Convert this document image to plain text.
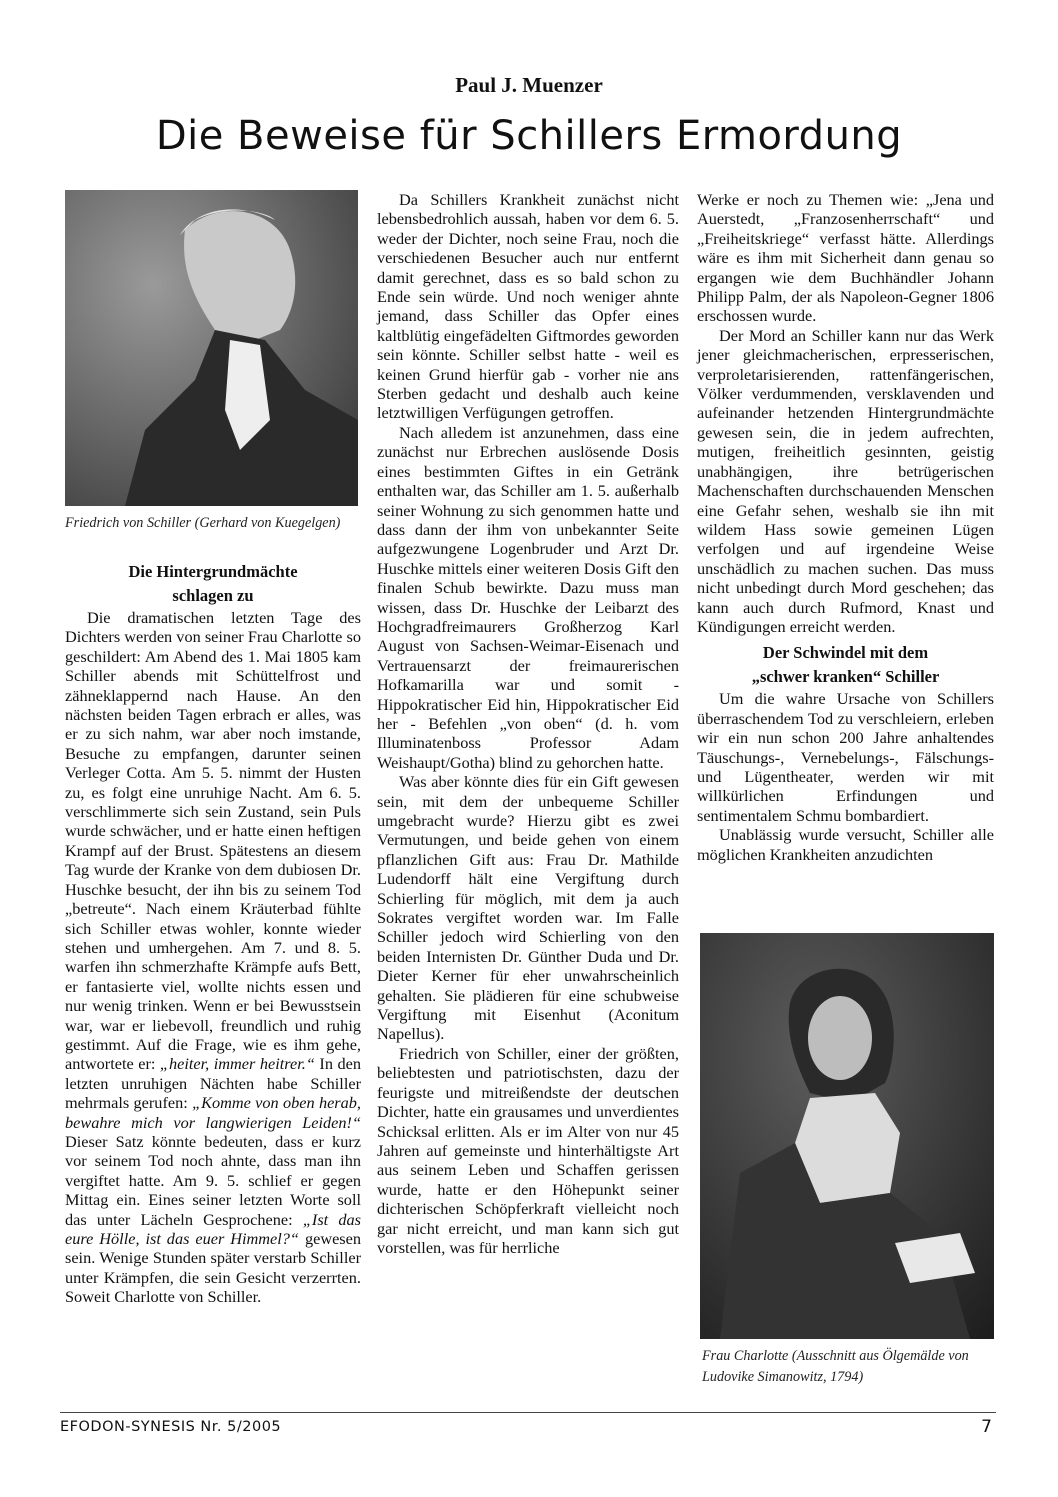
Paul J. Muenzer
Die Beweise für Schillers Ermordung
Friedrich von Schiller (Gerhard von Kuegelgen)
Die Hintergrundmächte
schlagen zu

Die dramatischen letzten Tage des Dichters werden von seiner Frau Charlotte so geschildert: Am Abend des 1. Mai 1805 kam Schiller abends mit Schüttelfrost und zähneklappernd nach Hause. An den nächsten beiden Tagen erbrach er alles, was er zu sich nahm, war aber noch imstande, Besuche zu empfangen, darunter seinen Verleger Cotta. Am 5. 5. nimmt der Husten zu, es folgt eine unruhige Nacht. Am 6. 5. verschlimmerte sich sein Zustand, sein Puls wurde schwächer, und er hatte einen heftigen Krampf auf der Brust. Spätestens an diesem Tag wurde der Kranke von dem dubiosen Dr. Huschke besucht, der ihn bis zu seinem Tod „betreute“. Nach einem Kräuterbad fühlte sich Schiller etwas wohler, konnte wieder stehen und umhergehen. Am 7. und 8. 5. warfen ihn schmerzhafte Krämpfe aufs Bett, er fantasierte viel, wollte nichts essen und nur wenig trinken. Wenn er bei Bewusstsein war, war er liebevoll, freundlich und ruhig gestimmt. Auf die Frage, wie es ihm gehe, antwortete er: „heiter, immer heitrer.“ In den letzten unruhigen Nächten habe Schiller mehrmals gerufen: „Komme von oben herab, bewahre mich vor langwierigen Leiden!“ Dieser Satz könnte bedeuten, dass er kurz vor seinem Tod noch ahnte, dass man ihn vergiftet hatte. Am 9. 5. schlief er gegen Mittag ein. Eines seiner letzten Worte soll das unter Lächeln Gesprochene: „Ist das eure Hölle, ist das euer Himmel?“ gewesen sein. Wenige Stunden später verstarb Schiller unter Krämpfen, die sein Gesicht verzerrten. Soweit Charlotte von Schiller.

Da Schillers Krankheit zunächst nicht lebensbedrohlich aussah, haben vor dem 6. 5. weder der Dichter, noch seine Frau, noch die verschiedenen Besucher auch nur entfernt damit gerechnet, dass es so bald schon zu Ende sein würde. Und noch weniger ahnte jemand, dass Schiller das Opfer eines kaltblütig eingefädelten Giftmordes geworden sein könnte. Schiller selbst hatte - weil es keinen Grund hierfür gab - vorher nie ans Sterben gedacht und deshalb auch keine letztwilligen Verfügungen getroffen.

Nach alledem ist anzunehmen, dass eine zunächst nur Erbrechen auslösende Dosis eines bestimmten Giftes in ein Getränk enthalten war, das Schiller am 1. 5. außerhalb seiner Wohnung zu sich genommen hatte und dass dann der ihm von unbekannter Seite aufgezwungene Logenbruder und Arzt Dr. Huschke mittels einer weiteren Dosis Gift den finalen Schub bewirkte. Dazu muss man wissen, dass Dr. Huschke der Leibarzt des Hochgradfreimaurers Großherzog Karl August von Sachsen-Weimar-Eisenach und Vertrauensarzt der freimaurerischen Hofkamarilla war und somit - Hippokratischer Eid hin, Hippokratischer Eid her - Befehlen „von oben“ (d. h. vom Illuminatenboss Professor Adam Weishaupt/Gotha) blind zu gehorchen hatte.

Was aber könnte dies für ein Gift gewesen sein, mit dem der unbequeme Schiller umgebracht wurde? Hierzu gibt es zwei Vermutungen, und beide gehen von einem pflanzlichen Gift aus: Frau Dr. Mathilde Ludendorff hält eine Vergiftung durch Schierling für möglich, mit dem ja auch Sokrates vergiftet worden war. Im Falle Schiller jedoch wird Schierling von den beiden Internisten Dr. Günther Duda und Dr. Dieter Kerner für eher unwahrscheinlich gehalten. Sie plädieren für eine schubweise Vergiftung mit Eisenhut (Aconitum Napellus).

Friedrich von Schiller, einer der größten, beliebtesten und patriotischsten, dazu der feurigste und mitreißendste der deutschen Dichter, hatte ein grausames und unverdientes Schicksal erlitten. Als er im Alter von nur 45 Jahren auf gemeinste und hinterhältigste Art aus seinem Leben und Schaffen gerissen wurde, hatte er den Höhepunkt seiner dichterischen Schöpferkraft vielleicht noch gar nicht erreicht, und man kann sich gut vorstellen, was für herrliche

Werke er noch zu Themen wie: „Jena und Auerstedt, „Franzosenherrschaft“ und „Freiheitskriege“ verfasst hätte. Allerdings wäre es ihm mit Sicherheit dann genau so ergangen wie dem Buchhändler Johann Philipp Palm, der als Napoleon-Gegner 1806 erschossen wurde.

Der Mord an Schiller kann nur das Werk jener gleichmacherischen, erpresserischen, verproletarisierenden, rattenfängerischen, Völker verdummenden, versklavenden und aufeinander hetzenden Hintergrundmächte gewesen sein, die in jedem aufrechten, mutigen, freiheitlich gesinnten, geistig unabhängigen, ihre betrügerischen Machenschaften durchschauenden Menschen eine Gefahr sehen, weshalb sie ihn mit wildem Hass sowie gemeinen Lügen verfolgen und auf irgendeine Weise unschädlich zu machen suchen. Das muss nicht unbedingt durch Mord geschehen; das kann auch durch Rufmord, Knast und Kündigungen erreicht werden.

Der Schwindel mit dem
„schwer kranken“ Schiller

Um die wahre Ursache von Schillers überraschendem Tod zu verschleiern, erleben wir ein nun schon 200 Jahre anhaltendes Täuschungs-, Vernebelungs-, Fälschungs- und Lügentheater, werden wir mit willkürlichen Erfindungen und sentimentalem Schmu bombardiert.

Unablässig wurde versucht, Schiller alle möglichen Krankheiten anzudichten

Frau Charlotte (Ausschnitt aus Ölgemälde von
Ludovike Simanowitz, 1794)
EFODON-SYNESIS Nr. 5/2005	7
